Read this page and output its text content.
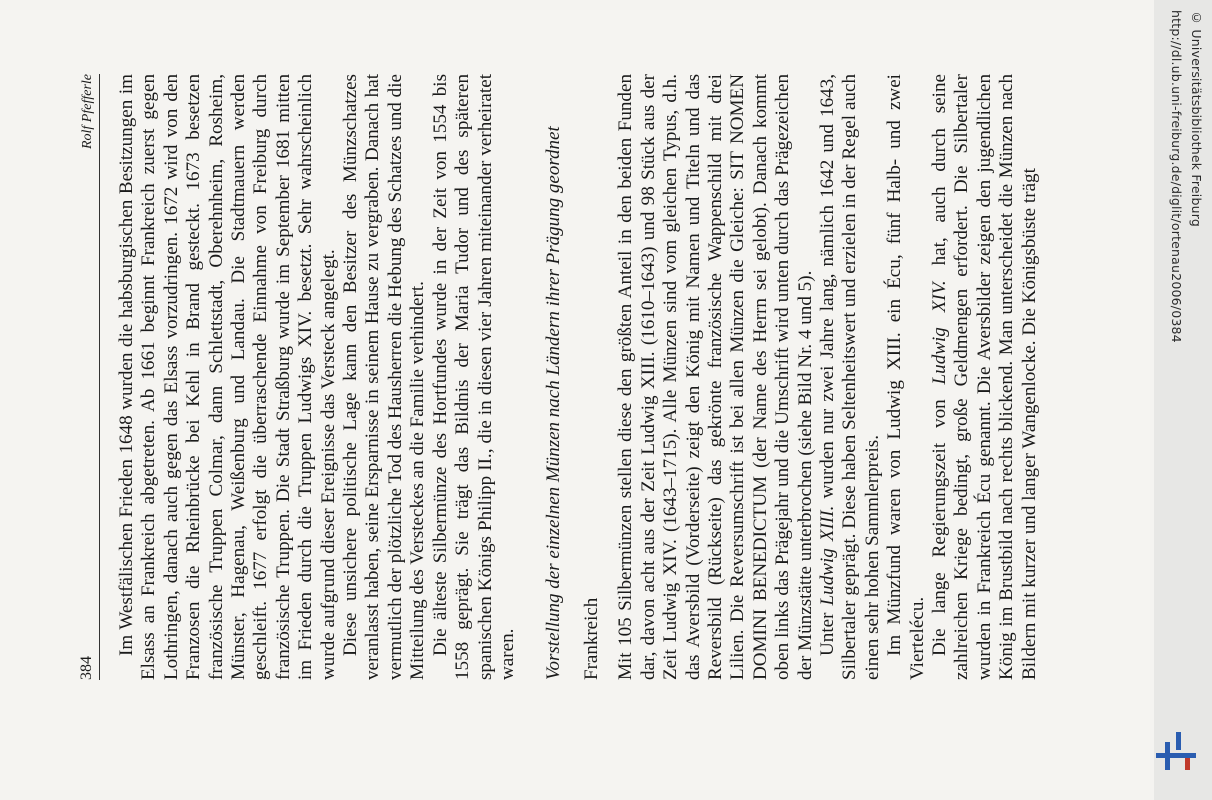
384
Rolf Pfefferle Im Westfälischen Frieden 1648 wurden die habsburgischen Besitzungen im Elsass an Frankreich abgetreten. Ab 1661 beginnt Frankreich zuerst gegen Lothringen, danach auch gegen das Elsass vorzudringen. 1672 wird von den Franzosen die Rheinbrücke bei Kehl in Brand gesteckt. 1673 besetzen französische Truppen Colmar, dann Schlettstadt, Oberehnheim, Rosheim, Münster, Hagenau, Weißenburg und Landau. Die Stadtmauern werden geschleift. 1677 erfolgt die überraschende Einnahme von Freiburg durch französische Truppen. Die Stadt Straßburg wurde im September 1681 mitten im Frieden durch die Truppen Ludwigs XIV. besetzt. Sehr wahrscheinlich wurde aufgrund dieser Ereignisse das Versteck angelegt. Diese unsichere politische Lage kann den Besitzer des Münzschatzes veranlasst haben, seine Ersparnisse in seinem Hause zu vergraben. Danach hat vermutlich der plötzliche Tod des Hausherren die Hebung des Schatzes und die Mitteilung des Versteckes an die Familie verhindert. Die älteste Silbermünze des Hortfundes wurde in der Zeit von 1554 bis 1558 geprägt. Sie trägt das Bildnis der Maria Tudor und des späteren spanischen Königs Philipp II., die in diesen vier Jahren miteinander verheiratet waren. Vorstellung der einzelnen Münzen nach Ländern ihrer Prägung geordnet Frankreich Mit 105 Silbermünzen stellen diese den größten Anteil in den beiden Funden dar, davon acht aus der Zeit Ludwig XIII. (1610–1643) und 98 Stück aus der Zeit Ludwig XIV. (1643–1715). Alle Münzen sind vom gleichen Typus, d.h. das Aversbild (Vorderseite) zeigt den König mit Namen und Titeln und das Reversbild (Rückseite) das gekrönte französische Wappenschild mit drei Lilien. Die Reversumschrift ist bei allen Münzen die Gleiche: SIT NOMEN DOMINI BENEDICTUM (der Name des Herrn sei gelobt). Danach kommt oben links das Prägejahr und die Umschrift wird unten durch das Prägezeichen der Münzstätte unterbrochen (siehe Bild Nr. 4 und 5). Unter Ludwig XIII. wurden nur zwei Jahre lang, nämlich 1642 und 1643, Silbertaler geprägt. Diese haben Seltenheitswert und erzielen in der Regel auch einen sehr hohen Sammlerpreis. Im Münzfund waren von Ludwig XIII. ein Écu, fünf Halb- und zwei Viertelécu. Die lange Regierungszeit von Ludwig XIV. hat, auch durch seine zahlreichen Kriege bedingt, große Geldmengen erfordert. Die Silbertaler wurden in Frankreich Écu genannt. Die Aversbilder zeigen den jugendlichen König im Brustbild nach rechts blickend. Man unterscheidet die Münzen nach Bildern mit kurzer und langer Wangenlocke. Die Königsbüste trägt	http://dl.ub.uni-freiburg.de/diglit/ortenau2006/0384 © Universitätsbibliothek Freiburg
